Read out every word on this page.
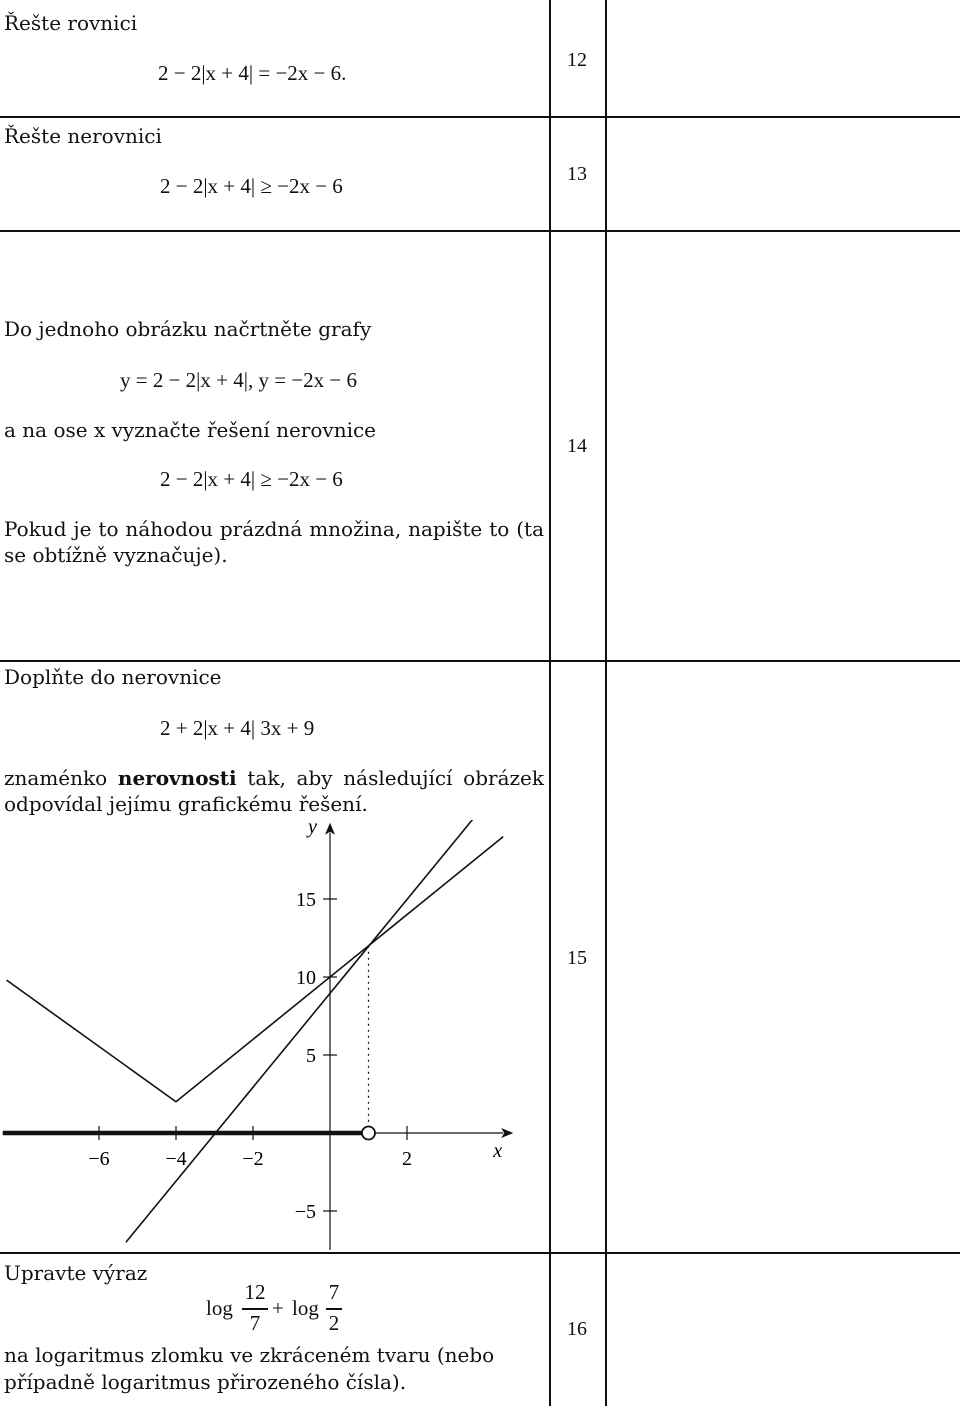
Řešte rovnici
2 − 2|x + 4| = −2x − 6.
12
Řešte nerovnici
2 − 2|x + 4| ≥ −2x − 6	13
Do jednoho obrázku načrtněte grafy
y = 2 − 2|x + 4|, y = −2x − 6
a na ose x vyznačte řešení nerovnice
2 − 2|x + 4| ≥ −2x − 6
Pokud je to náhodou prázdná množina, napište to (ta se obtížně vyznačuje).
14
Doplňte do nerovnice
2 + 2|x + 4| 3x + 9
znaménko nerovnosti tak, aby následující obrázek odpovídal jejímu grafickému řešení.
15
x
y
−6	−4	−2	2
−5
5
10
15
Upravte výraz
log
12
7
+ log
7
2
na logaritmus zlomku ve zkráceném tvaru (nebo případně logaritmus přirozeného čísla).
16
